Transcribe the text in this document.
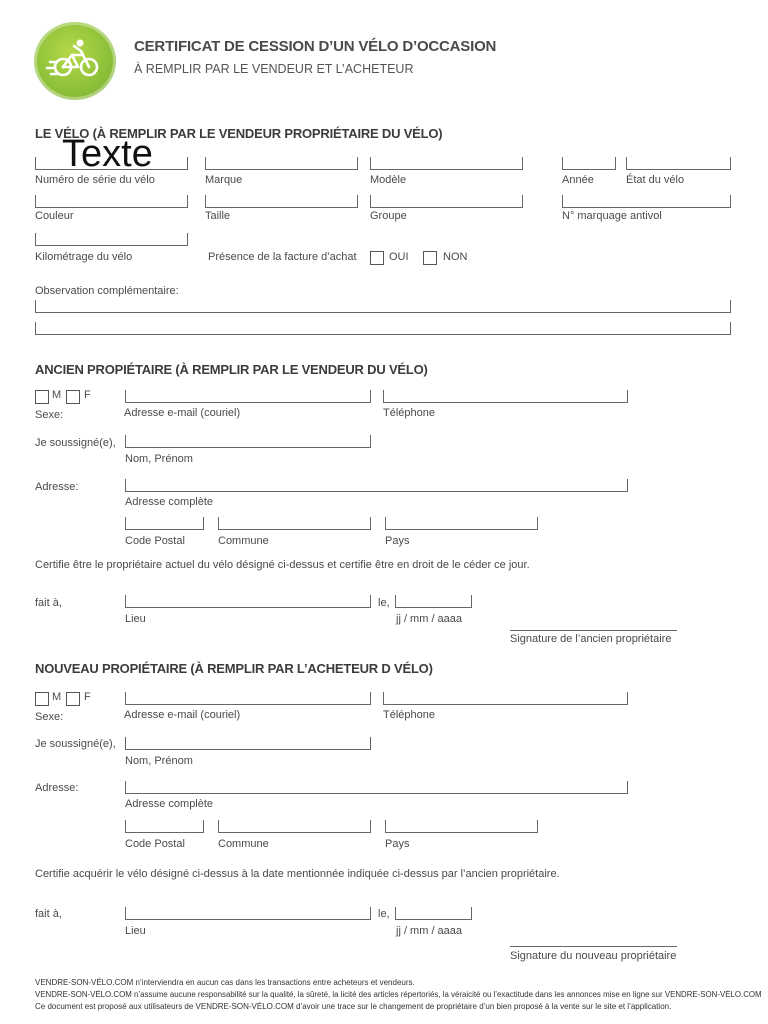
CERTIFICAT DE CESSION D’UN VÉLO D’OCCASION
À REMPLIR PAR LE VENDEUR ET L’ACHETEUR
LE VÉLO (À REMPLIR PAR LE VENDEUR PROPRIÉTAIRE DU VÉLO)
Texte
Numéro de série du vélo	Marque	Modèle	Année	État du vélo
Couleur	Taille	Groupe	N° marquage antivol
Kilométrage du vélo	Présence de la facture d’achat	OUI	NON
Observation complémentaire:
ANCIEN PROPIÉTAIRE (À REMPLIR PAR LE VENDEUR DU VÉLO)
M F
Sexe:	Adresse e-mail (couriel)	Téléphone
Je soussigné(e),
Nom, Prénom
Adresse:
Adresse complète
Code Postal	Commune	Pays
Certifie être le propriétaire actuel du vélo désigné ci-dessus et certifie être en droit de le céder ce jour.
fait à,	le,
Lieu	jj / mm / aaaa
Signature de l’ancien propriétaire
NOUVEAU PROPIÉTAIRE (À REMPLIR PAR L’ACHETEUR D VÉLO)
M F
Sexe:	Adresse e-mail (couriel)	Téléphone
Je soussigné(e),
Nom, Prénom
Adresse:
Adresse complète
Code Postal	Commune	Pays
Certifie acquérir le vélo désigné ci-dessus à la date mentionnée indiquée ci-dessus par l’ancien propriétaire.
fait à,	le,
Lieu	jj / mm / aaaa
Signature du nouveau propriétaire
VENDRE-SON-VÉLO.COM n’interviendra en aucun cas dans les transactions entre acheteurs et vendeurs.
VENDRE-SON-VÉLO.COM n’assume aucune responsabilité sur la qualité, la sûreté, la licité des articles répertoriés, la véraicité ou l’exactitude dans les annonces mise en ligne sur VENDRE-SON-VÉLO.COM
Ce document est proposé aux utilisateurs de VENDRE-SON-VÉLO.COM d’avoir une trace sur le changement de propriétaire d’un bien proposé à la vente sur le site et l’application.
